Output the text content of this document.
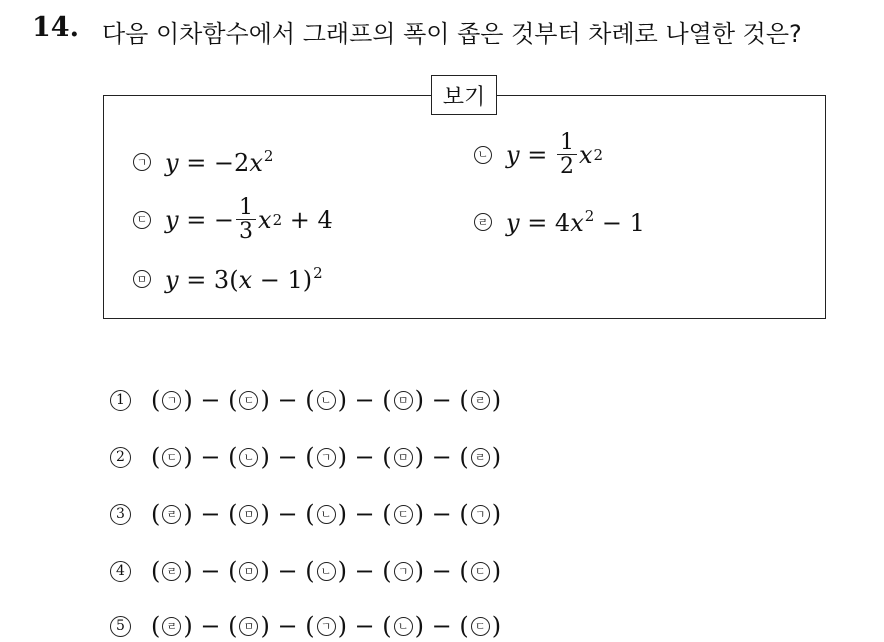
14. 다음 이차함수에서 그래프의 폭이 좁은 것부터 차례로 나열한 것은?
보기
ㄱ $y = -2x^2$	ㄴ $y = \frac{1}{2}$ x 2
ㄷ y = − $\frac{1}{3}$ x 2 + 4	ㄹ $y = 4x^2 - 1$
ㅁ $y = 3(x - 1)^2$
1 ( ㄱ ) − ( ㄷ ) − ( ㄴ ) − ( ㅁ ) − ( ㄹ )
2 ( ㄷ ) − ( ㄴ ) − ( ㄱ ) − ( ㅁ ) − ( ㄹ )
3 ( ㄹ ) − ( ㅁ ) − ( ㄴ ) − ( ㄷ ) − ( ㄱ )
4 ( ㄹ ) − ( ㅁ ) − ( ㄴ ) − ( ㄱ ) − ( ㄷ )
5 ( ㄹ ) − ( ㅁ ) − ( ㄱ ) − ( ㄴ ) − ( ㄷ )
